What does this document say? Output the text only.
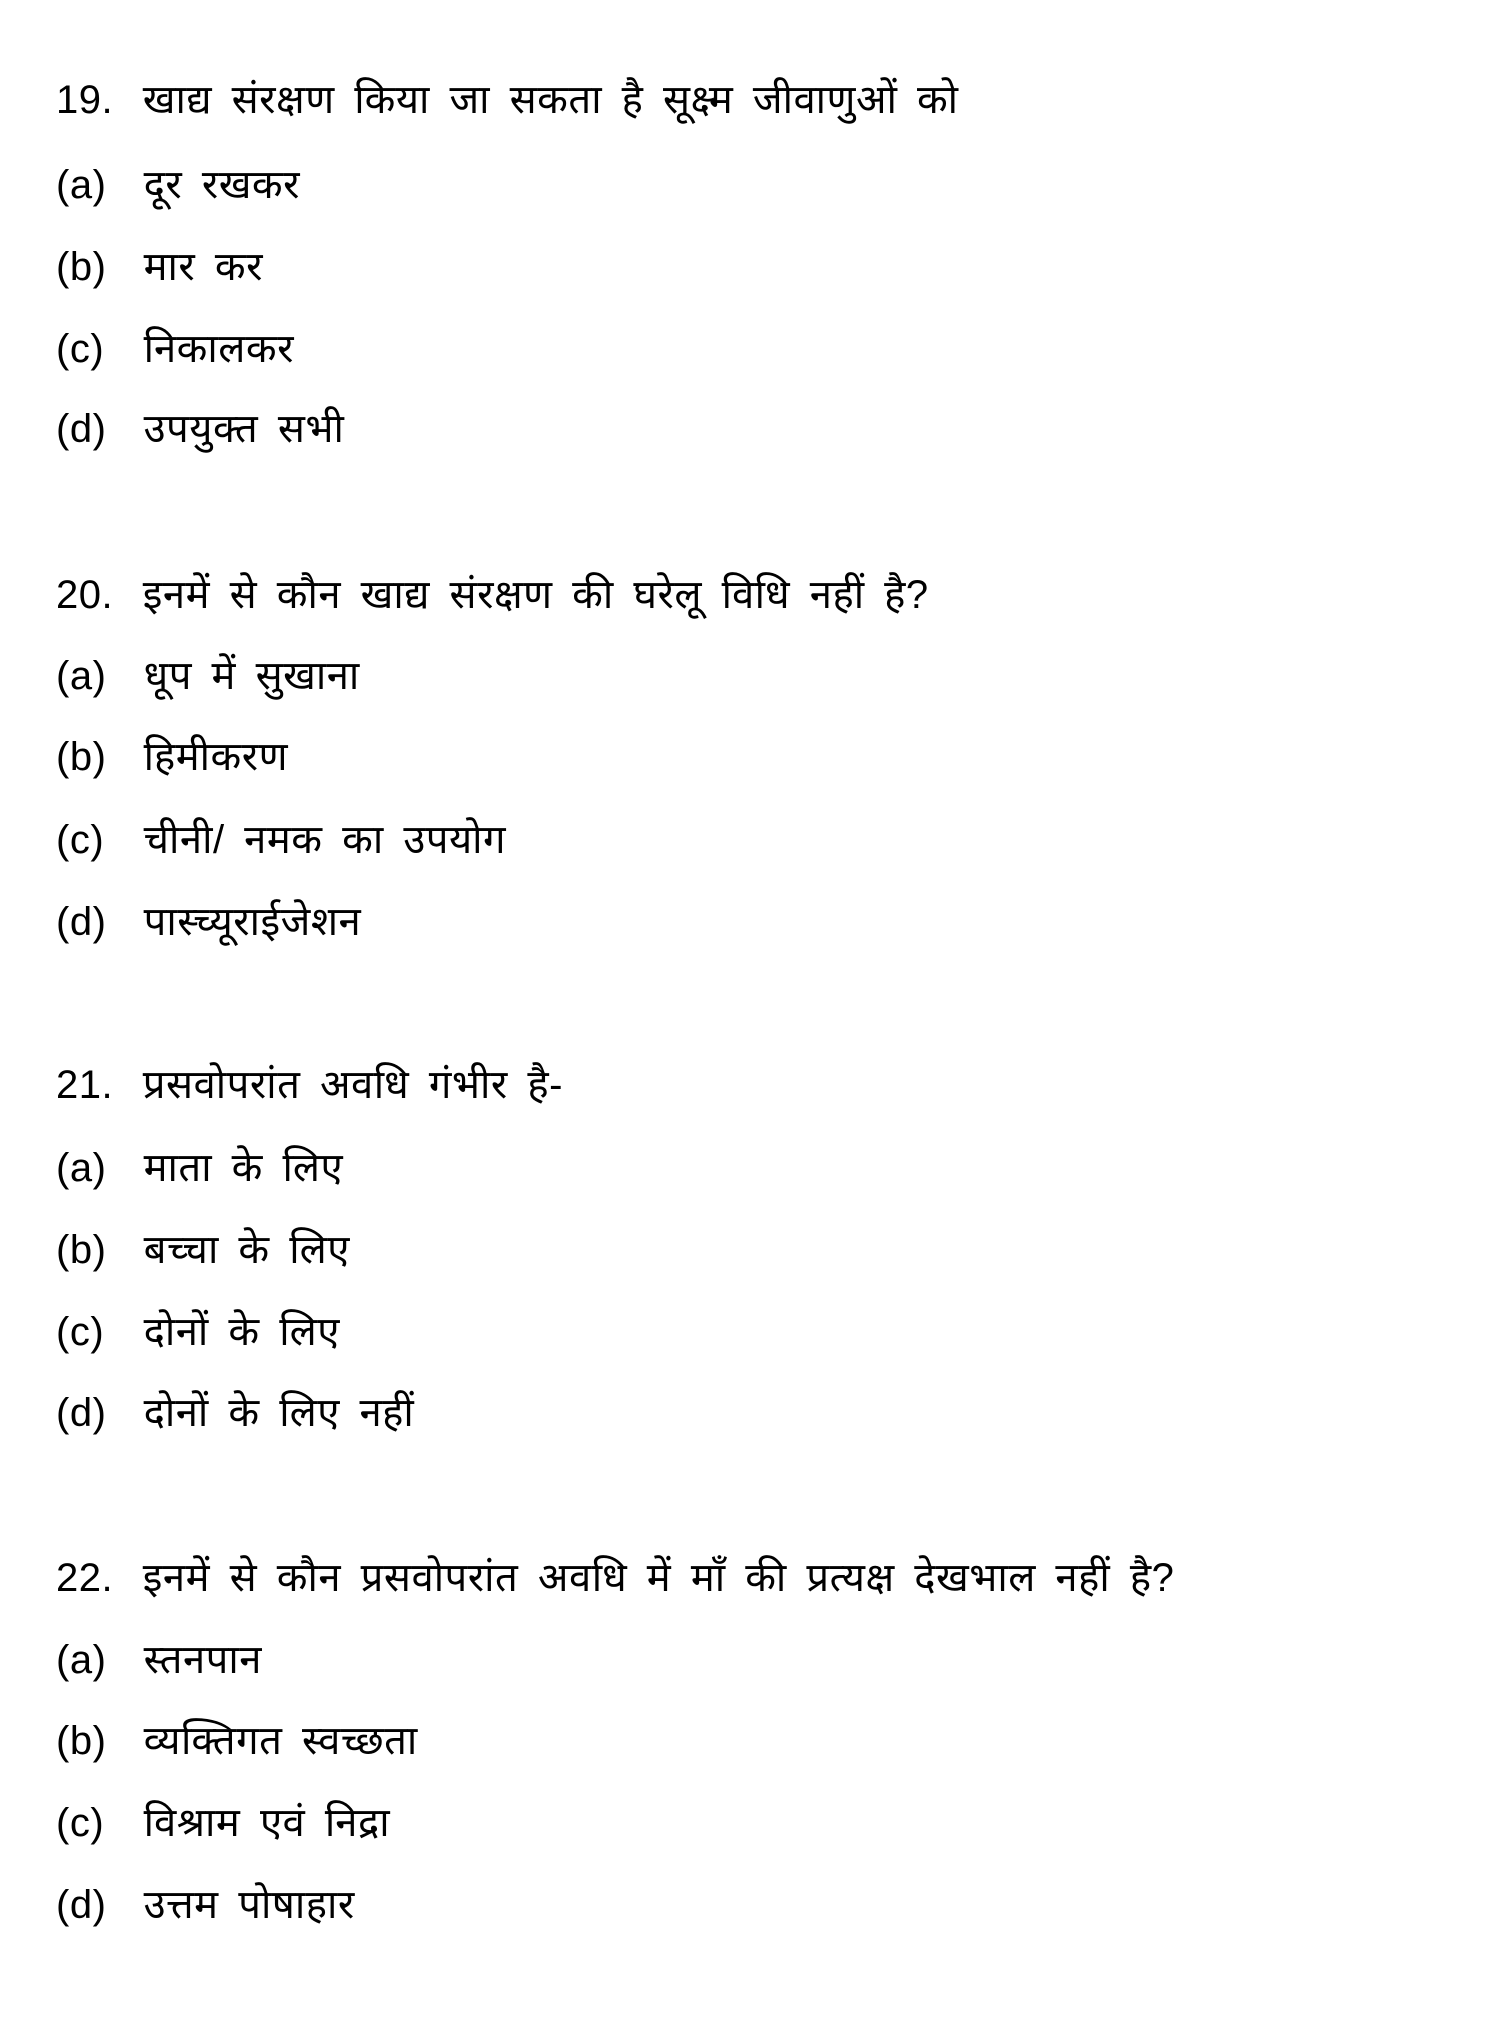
19. खाद्य संरक्षण किया जा सकता है सूक्ष्म जीवाणुओं को
(a) दूर रखकर
(b) मार कर
(c) निकालकर
(d) उपयुक्त सभी
20. इनमें से कौन खाद्य संरक्षण की घरेलू विधि नहीं है?
(a) धूप में सुखाना
(b) हिमीकरण
(c) चीनी/ नमक का उपयोग
(d) पास्च्यूराईजेशन
21. प्रसवोपरांत अवधि गंभीर है-
(a) माता के लिए
(b) बच्चा के लिए
(c) दोनों के लिए
(d) दोनों के लिए नहीं
22. इनमें से कौन प्रसवोपरांत अवधि में माँ की प्रत्यक्ष देखभाल नहीं है?
(a) स्तनपान
(b) व्यक्तिगत स्वच्छता
(c) विश्राम एवं निद्रा
(d) उत्तम पोषाहार
